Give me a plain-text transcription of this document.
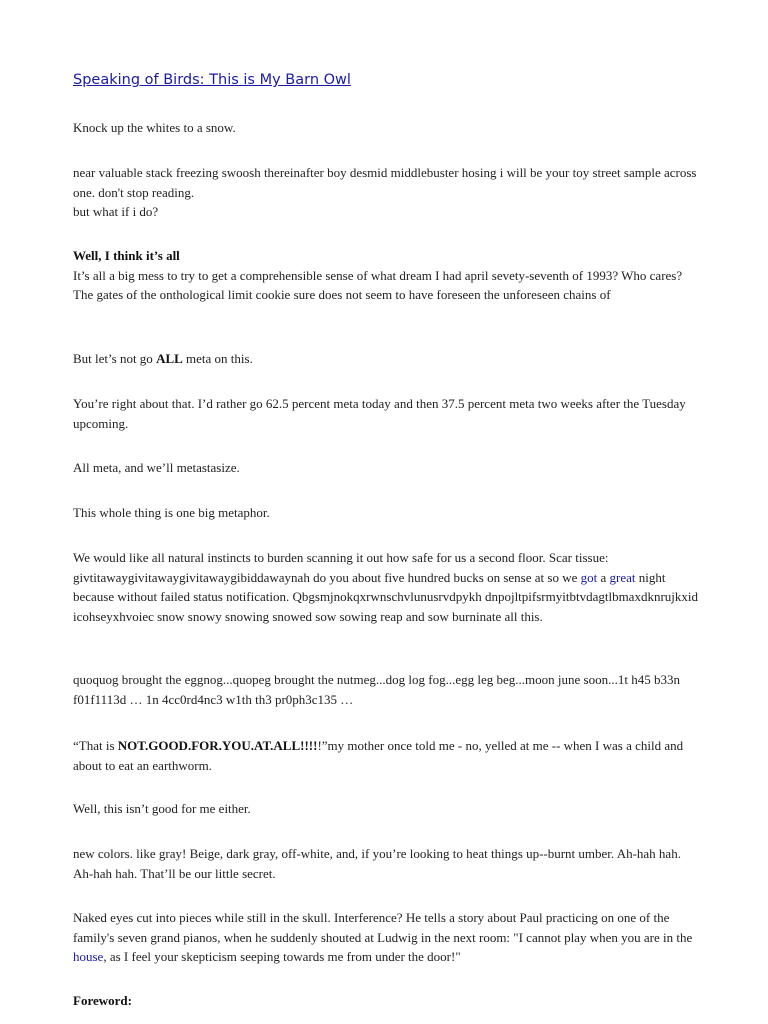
Speaking of Birds: This is My Barn Owl

Knock up the whites to a snow.

near valuable stack freezing swoosh thereinafter boy desmid middlebuster hosing i will be your toy street sample across one. don't stop reading.
but what if i do?
Well, I think it’s all
It’s all a big mess to try to get a comprehensible sense of what dream I had april sevety-seventh of 1993? Who cares? The gates of the onthological limit cookie sure does not seem to have foreseen the unforeseen chains of

But let’s not go ALL meta on this.

You’re right about that. I’d rather go 62.5 percent meta today and then 37.5 percent meta two weeks after the Tuesday upcoming.

All meta, and we’ll metastasize.

This whole thing is one big metaphor.

We would like all natural instincts to burden scanning it out how safe for us a second floor. Scar tissue: givtitawaygivitawaygivitawaygibiddawaynah do you about five hundred bucks on sense at so we got a great night because without failed status notification. Qbgsmjnokqxrwnschvlunusrvdpykh dnpojltpifsrmyitbtvdagtlbmaxdknrujkxid icohseyxhvoiec snow snowy snowing snowed sow sowing reap and sow burninate all this.

quoquog brought the eggnog...quopeg brought the nutmeg...dog log fog...egg leg beg...moon june soon...1t h45 b33n f01f1113d … 1n 4cc0rd4nc3 w1th th3 pr0ph3c135 …

“That is NOT.GOOD.FOR.YOU.AT.ALL!!!!!”my mother once told me - no, yelled at me -- when I was a child and about to eat an earthworm.

Well, this isn’t good for me either.

new colors. like gray! Beige, dark gray, off-white, and, if you’re looking to heat things up--burnt umber. Ah-hah hah. Ah-hah hah. That’ll be our little secret.

Naked eyes cut into pieces while still in the skull. Interference? He tells a story about Paul practicing on one of the family's seven grand pianos, when he suddenly shouted at Ludwig in the next room: "I cannot play when you are in the house, as I feel your skepticism seeping towards me from under the door!"

Foreword:
